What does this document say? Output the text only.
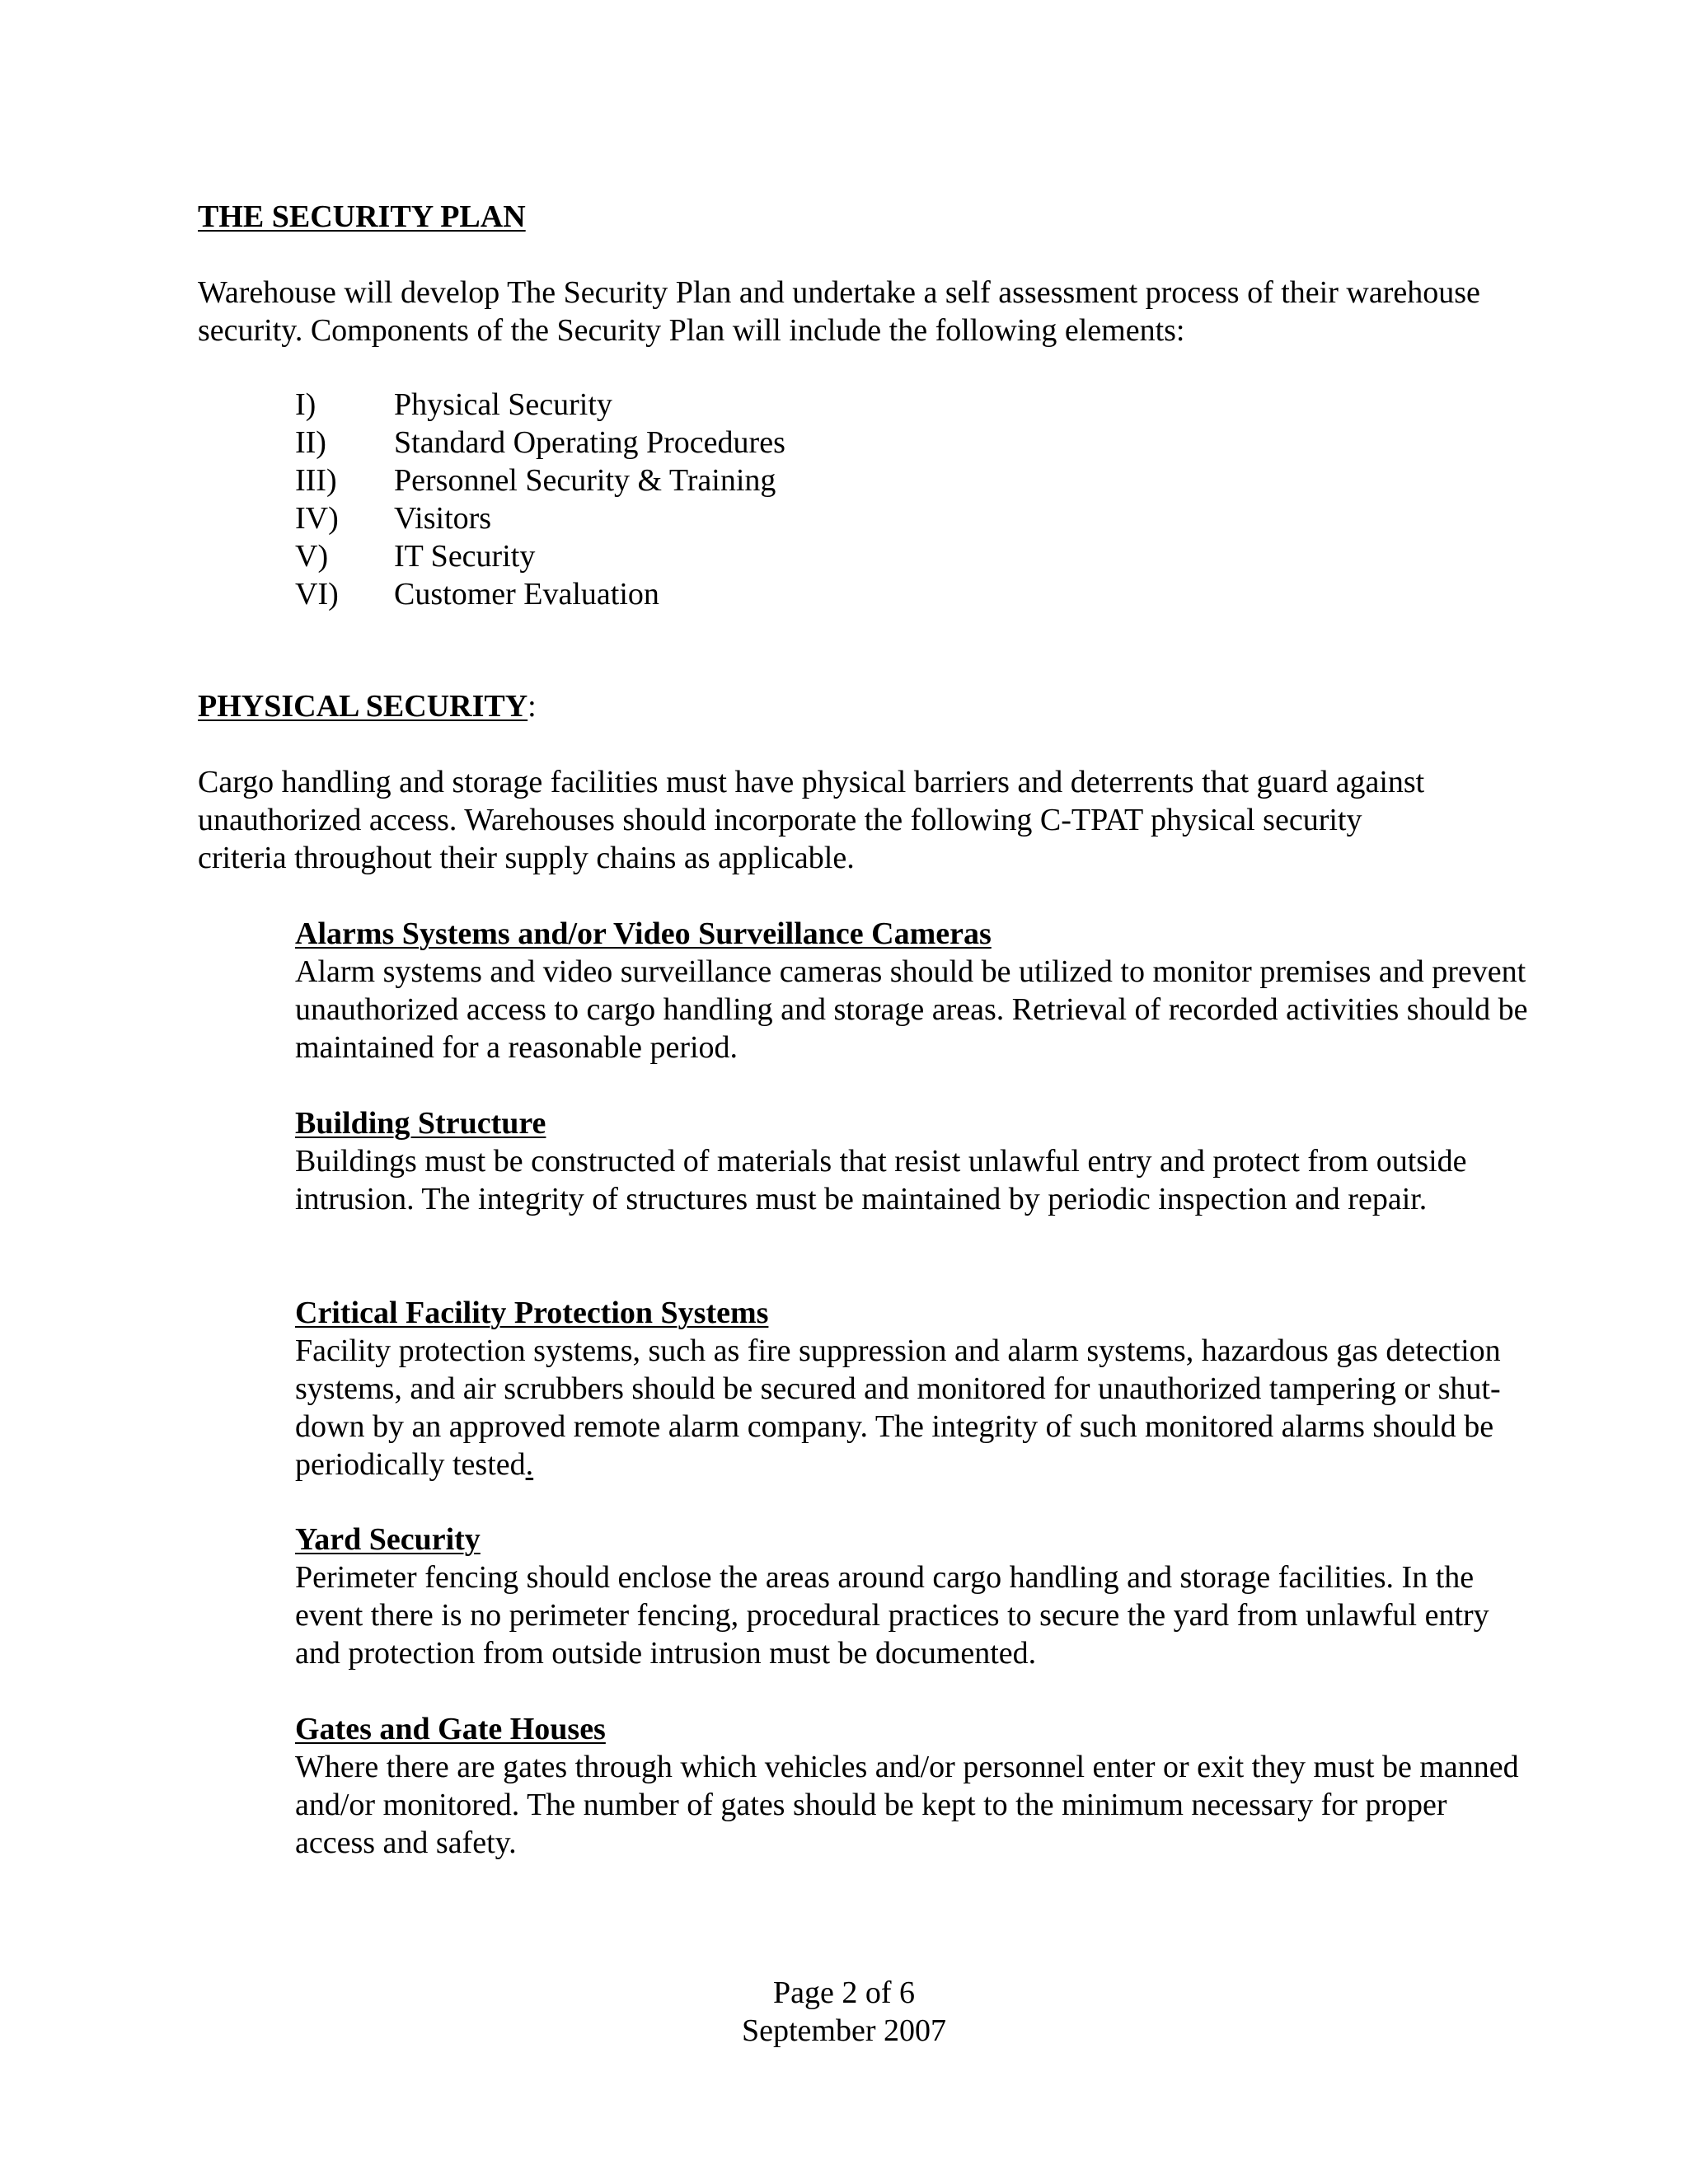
THE SECURITY PLAN

Warehouse will develop The Security Plan and undertake a self assessment process of their warehouse security. Components of the Security Plan will include the following elements:

I)	Physical Security
II)	Standard Operating Procedures
III)	Personnel Security & Training
IV)	Visitors
V)	IT Security
VI)	Customer Evaluation
PHYSICAL SECURITY:

Cargo handling and storage facilities must have physical barriers and deterrents that guard against unauthorized access. Warehouses should incorporate the following C-TPAT physical security criteria throughout their supply chains as applicable.

Alarms Systems and/or Video Surveillance Cameras

Alarm systems and video surveillance cameras should be utilized to monitor premises and prevent unauthorized access to cargo handling and storage areas. Retrieval of recorded activities should be maintained for a reasonable period.

Building Structure

Buildings must be constructed of materials that resist unlawful entry and protect from outside intrusion. The integrity of structures must be maintained by periodic inspection and repair.

Critical Facility Protection Systems

Facility protection systems, such as fire suppression and alarm systems, hazardous gas detection systems, and air scrubbers should be secured and monitored for unauthorized tampering or shut-down by an approved remote alarm company. The integrity of such monitored alarms should be periodically tested.

Yard Security

Perimeter fencing should enclose the areas around cargo handling and storage facilities. In the event there is no perimeter fencing, procedural practices to secure the yard from unlawful entry and protection from outside intrusion must be documented.

Gates and Gate Houses

Where there are gates through which vehicles and/or personnel enter or exit they must be manned and/or monitored. The number of gates should be kept to the minimum necessary for proper access and safety.

Page 2 of 6
September 2007
